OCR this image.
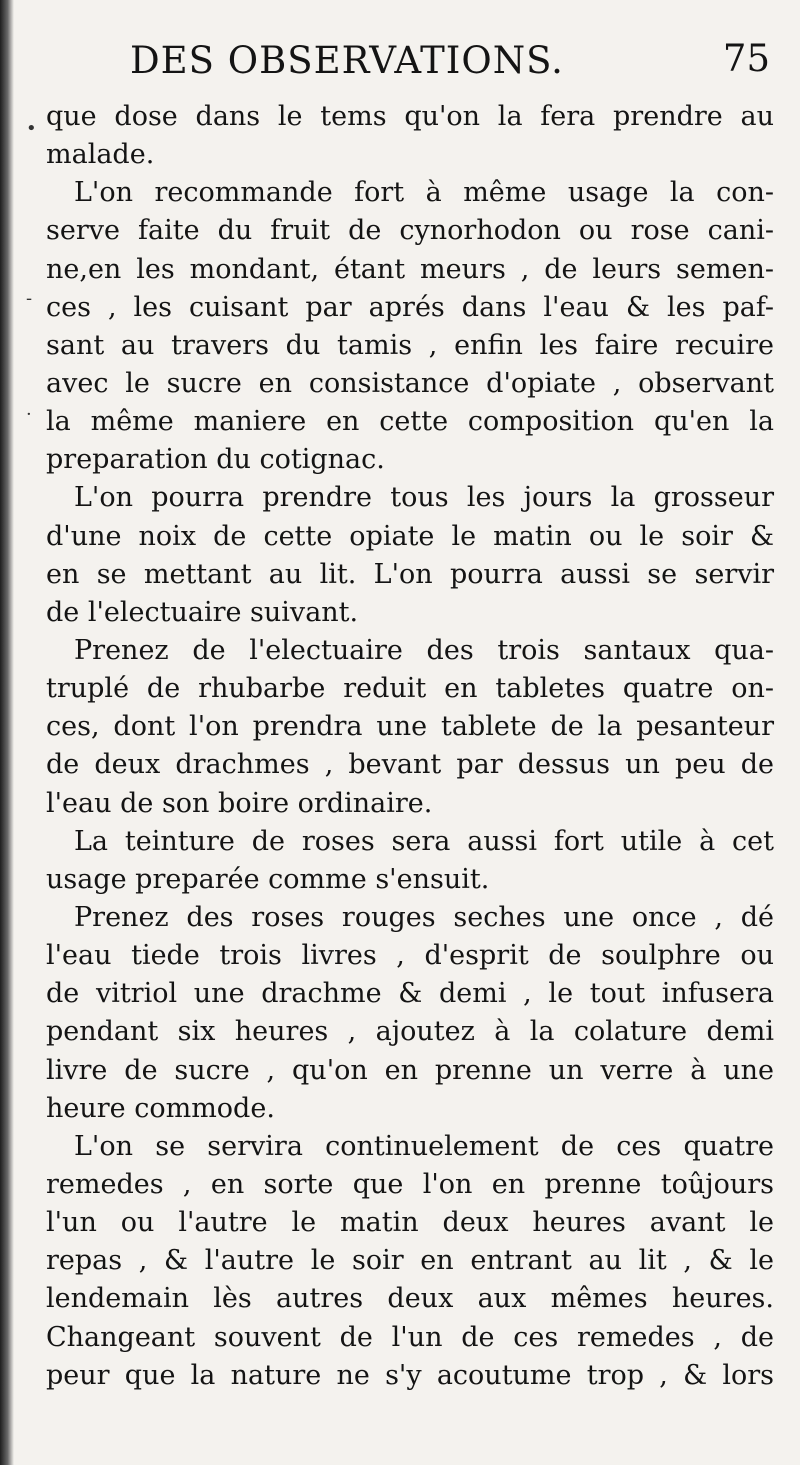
•
-
·
DES OBSERVATIONS.	75
que dose dans le tems qu'on la fera prendre au
malade.
L'on recommande fort à même usage la con-
serve faite du fruit de cynorhodon ou rose cani-
ne,en les mondant, étant meurs , de leurs semen-
ces , les cuisant par aprés dans l'eau & les paf-
sant au travers du tamis , enfin les faire recuire
avec le sucre en consistance d'opiate , observant
la même maniere en cette composition qu'en la
preparation du cotignac.
L'on pourra prendre tous les jours la grosseur
d'une noix de cette opiate le matin ou le soir &
en se mettant au lit. L'on pourra aussi se servir
de l'electuaire suivant.
Prenez de l'electuaire des trois santaux qua-
truplé de rhubarbe reduit en tabletes quatre on-
ces, dont l'on prendra une tablete de la pesanteur
de deux drachmes , bevant par dessus un peu de
l'eau de son boire ordinaire.
La teinture de roses sera aussi fort utile à cet
usage preparée comme s'ensuit.
Prenez des roses rouges seches une once , dé
l'eau tiede trois livres , d'esprit de soulphre ou
de vitriol une drachme & demi , le tout infusera
pendant six heures , ajoutez à la colature demi
livre de sucre , qu'on en prenne un verre à une
heure commode.
L'on se servira continuelement de ces quatre
remedes , en sorte que l'on en prenne toûjours
l'un ou l'autre le matin deux heures avant le
repas , & l'autre le soir en entrant au lit , & le
lendemain lès autres deux aux mêmes heures.
Changeant souvent de l'un de ces remedes , de
peur que la nature ne s'y acoutume trop , & lors
